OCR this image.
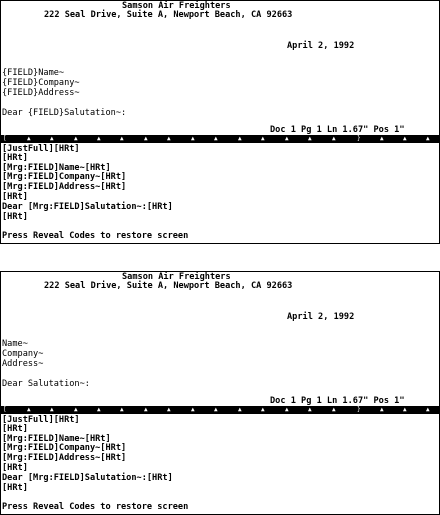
Samson Air Freighters
222 Seal Drive, Suite A, Newport Beach, CA 92663
April 2, 1992
{FIELD}Name~
{FIELD}Company~
{FIELD}Address~
Dear {FIELD}Salutation~:
Doc 1 Pg 1 Ln 1.67" Pos 1"
[	▲	▲	▲	▲	▲	▲	▲	▲	▲	▲	▲	▲	▲	▲	▲	▲	▲
}
[JustFull][HRt]
[HRt]
[Mrg:FIELD]Name~[HRt]
[Mrg:FIELD]Company~[HRt]
[Mrg:FIELD]Address~[HRt]
[HRt]
Dear [Mrg:FIELD]Salutation~:[HRt]
[HRt]
Press Reveal Codes to restore screen
Samson Air Freighters
222 Seal Drive, Suite A, Newport Beach, CA 92663
April 2, 1992
Name~
Company~
Address~
Dear Salutation~:
Doc 1 Pg 1 Ln 1.67" Pos 1"
[	▲	▲	▲	▲	▲	▲	▲	▲	▲	▲	▲	▲	▲	▲	▲	▲	▲
}
[JustFull][HRt]
[HRt]
[Mrg:FIELD]Name~[HRt]
[Mrg:FIELD]Company~[HRt]
[Mrg:FIELD]Address~[HRt]
[HRt]
Dear [Mrg:FIELD]Salutation~:[HRt]
[HRt]
Press Reveal Codes to restore screen
